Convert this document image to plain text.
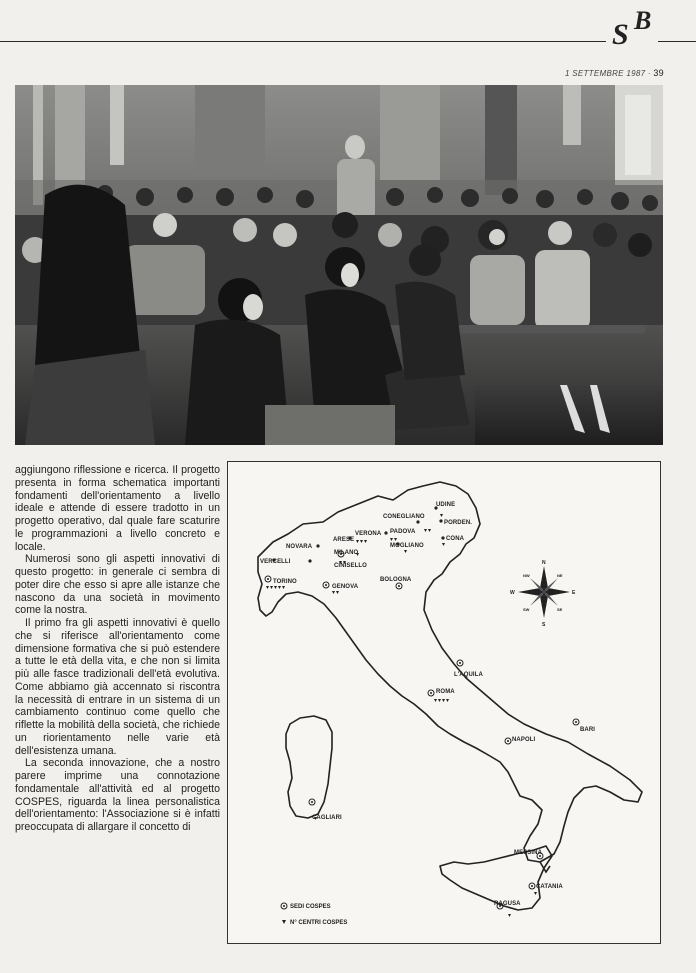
S B
1 SETTEMBRE 1987 · 39

aggiungono riflessione e ricerca. Il progetto presenta in forma schematica importanti fondamenti dell'orientamento a livello ideale e attende di essere tradotto in un progetto operativo, dal quale fare scaturire le programmazioni a livello concreto e locale.

Numerosi sono gli aspetti innovativi di questo progetto: in generale ci sembra di poter dire che esso si apre alle istanze che nascono da una società in movimento come la nostra.

Il primo fra gli aspetti innovativi è quello che si riferisce all'orientamento come dimensione formativa che si può estendere a tutte le età della vita, e che non si limita più alle fasce tradizionali dell'età evolutiva. Come abbiamo già accennato si riscontra la necessità di entrare in un sistema di un cambiamento continuo come quello che riflette la mobilità della società, che richiede un riorientamento nelle varie età dell'esistenza umana.

La seconda innovazione, che a nostro parere imprime una connotazione fondamentale all'attività ed al progetto COSPES, riguarda la linea personalistica dell'orientamento: l'Associazione si è infatti preoccupata di allargare il concetto di

UDINE
PORDEN.
CONEGLIANO
CONA
VERONA PADOVA
MOGLIANO
ARESE
NOVARA
MILANO
VERCELLI
CINISELLO
TORINO
GENOVA
BOLOGNA
L'AQUILA
ROMA
NAPOLI
BARI
CAGLIARI
MESSINA
CATANIA
RAGUSA
N
S
E
W
NE
NW
SE
SW
SEDI COSPES
N° CENTRI COSPES
